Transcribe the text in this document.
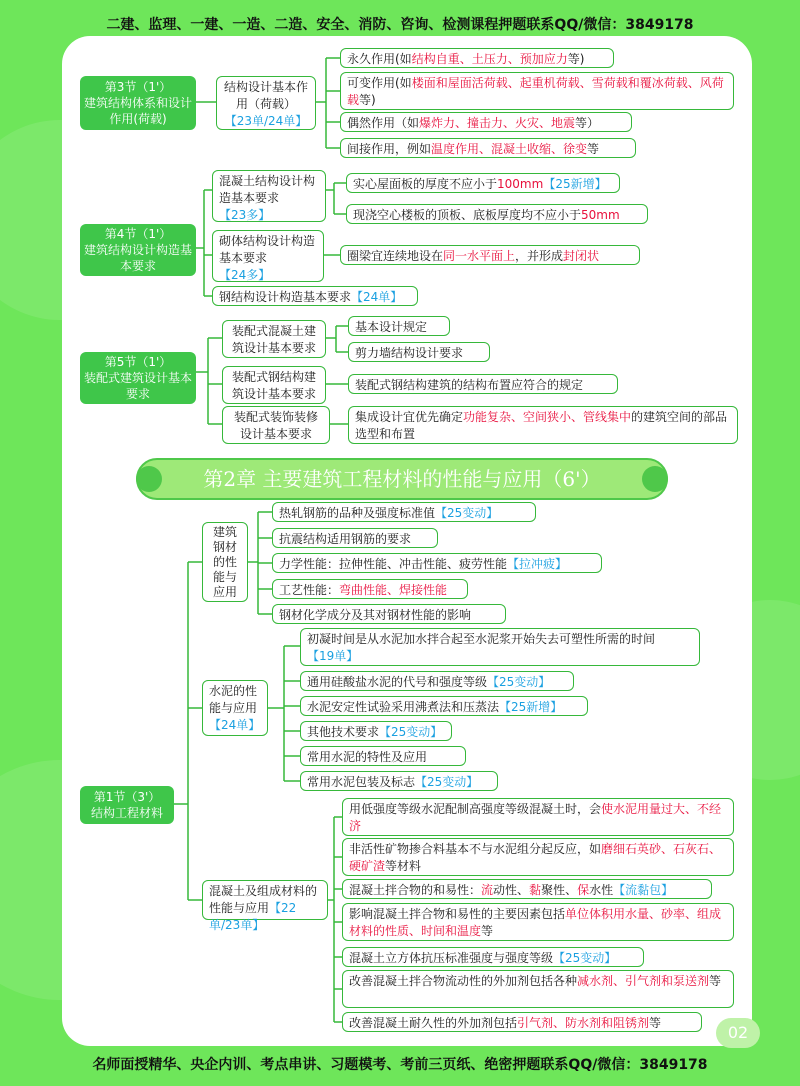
二建、监理、一建、一造、二造、安全、消防、咨询、检测课程押题联系QQ/微信：3849178
第3节（1'）
建筑结构体系和设计作用(荷载)
结构设计基本作用（荷载）
【23单/24单】
永久作用(如结构自重、土压力、预加应力等)
可变作用(如楼面和屋面活荷载、起重机荷载、雪荷载和覆冰荷载、风荷载等)
偶然作用（如爆炸力、撞击力、火灾、地震等）
间接作用，例如温度作用、混凝土收缩、徐变等
第4节（1'）
建筑结构设计构造基本要求
混凝土结构设计构造基本要求
【23多】
实心屋面板的厚度不应小于100mm【25新增】
现浇空心楼板的顶板、底板厚度均不应小于50mm
砌体结构设计构造基本要求
【24多】
圈梁宜连续地设在同一水平面上，并形成封闭状
钢结构设计构造基本要求【24单】
第5节（1'）
装配式建筑设计基本要求
装配式混凝土建筑设计基本要求
基本设计规定
剪力墙结构设计要求
装配式钢结构建筑设计基本要求
装配式钢结构建筑的结构布置应符合的规定
装配式装饰装修设计基本要求
集成设计宜优先确定功能复杂、空间狭小、管线集中的建筑空间的部品选型和布置
第2章 主要建筑工程材料的性能与应用（6'）
第1节（3'）
结构工程材料
建筑钢材的性能与应用
热轧钢筋的品种及强度标准值【25变动】
抗震结构适用钢筋的要求
力学性能：拉伸性能、冲击性能、疲劳性能【拉冲疲】
工艺性能：弯曲性能、焊接性能
钢材化学成分及其对钢材性能的影响
水泥的性能与应用
【24单】
初凝时间是从水泥加水拌合起至水泥浆开始失去可塑性所需的时间
【19单】
通用硅酸盐水泥的代号和强度等级【25变动】
水泥安定性试验采用沸煮法和压蒸法【25新增】
其他技术要求【25变动】
常用水泥的特性及应用
常用水泥包装及标志【25变动】
混凝土及组成材料的性能与应用【22单/23单】
用低强度等级水泥配制高强度等级混凝土时，会使水泥用量过大、不经济
非活性矿物掺合料基本不与水泥组分起反应，如磨细石英砂、石灰石、硬矿渣等材料
混凝土拌合物的和易性：流动性、黏聚性、保水性【流黏包】
影响混凝土拌合物和易性的主要因素包括单位体积用水量、砂率、组成材料的性质、时间和温度等
混凝土立方体抗压标准强度与强度等级【25变动】
改善混凝土拌合物流动性的外加剂包括各种减水剂、引气剂和泵送剂等
改善混凝土耐久性的外加剂包括引气剂、防水剂和阻锈剂等	02
名师面授精华、央企内训、考点串讲、习题模考、考前三页纸、绝密押题联系QQ/微信：3849178
